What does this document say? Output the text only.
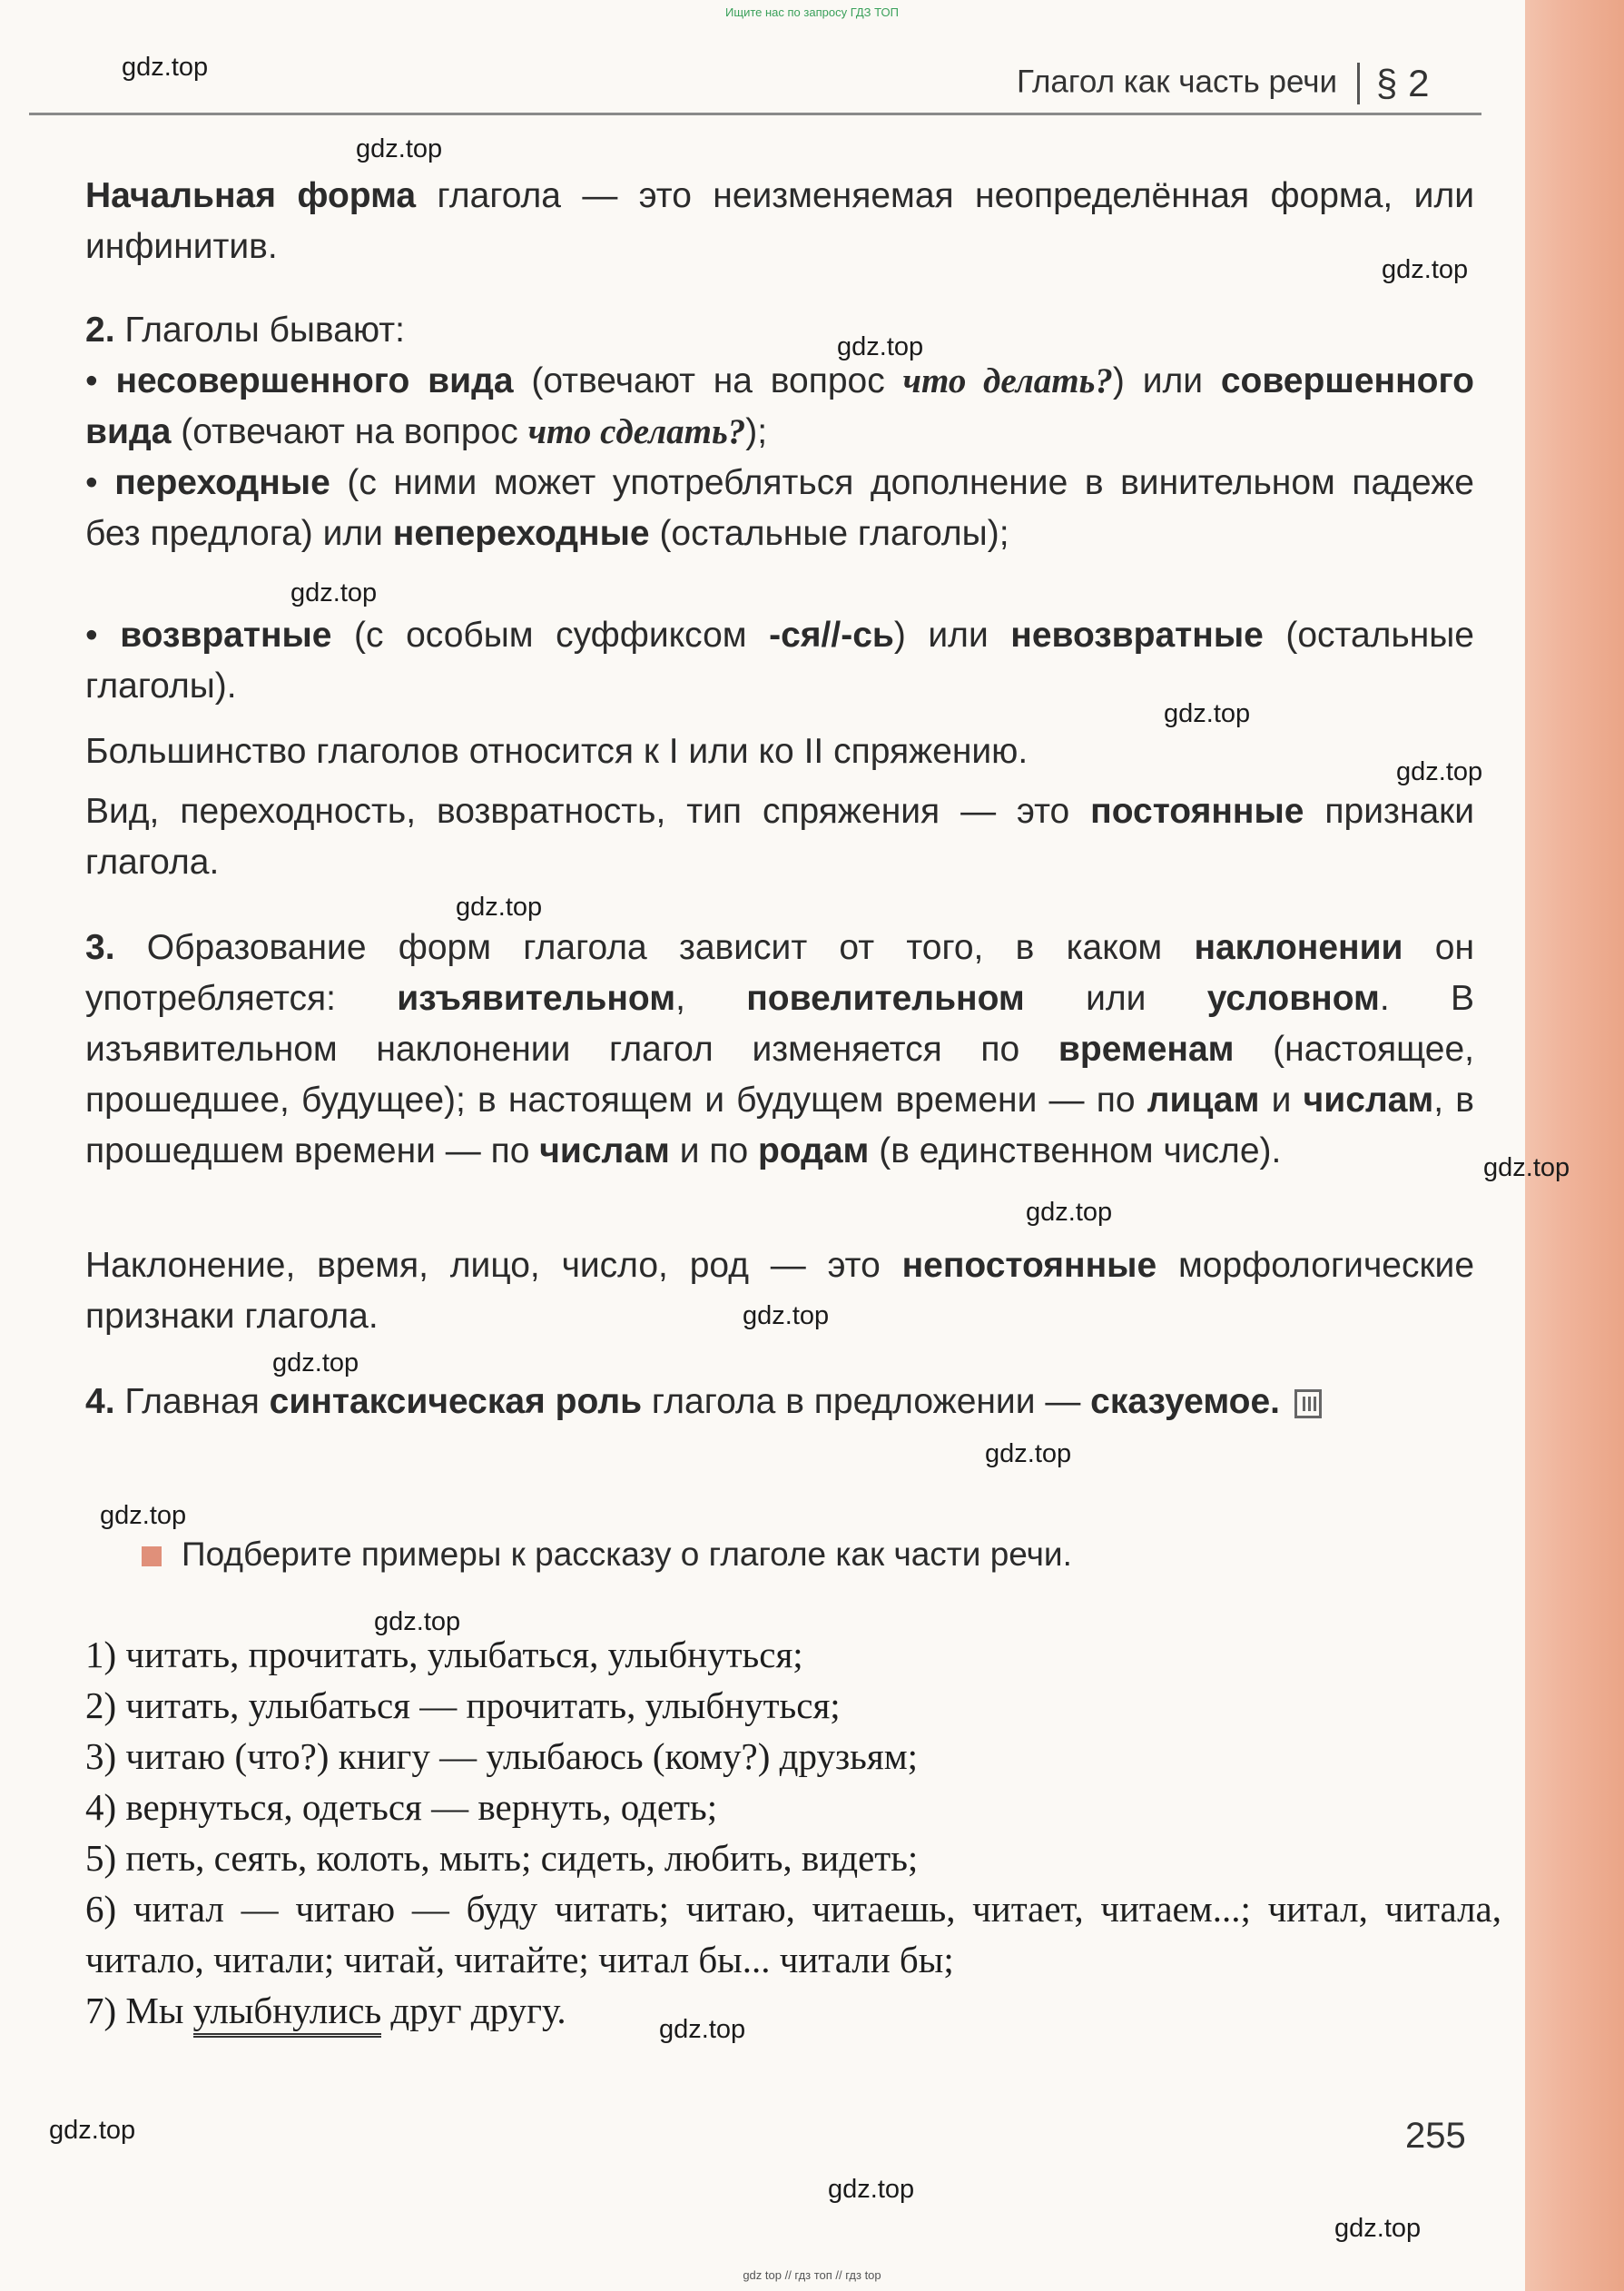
Ищите нас по запросу ГДЗ ТОП
Глагол как часть речи § 2

Начальная форма глагола — это неизменяемая неопределённая форма, или инфинитив.

2. Глаголы бывают:

• несовершенного вида (отвечают на вопрос что делать?) или совершенного вида (отвечают на вопрос что сделать?);

• переходные (с ними может употребляться дополнение в винительном падеже без предлога) или непереходные (остальные глаголы);

• возвратные (с особым суффиксом -ся//-сь) или невозвратные (остальные глаголы).

Большинство глаголов относится к I или ко II спряжению.

Вид, переходность, возвратность, тип спряжения — это постоянные признаки глагола.

3. Образование форм глагола зависит от того, в каком наклонении он употребляется: изъявительном, повелительном или условном. В изъявительном наклонении глагол изменяется по временам (настоящее, прошедшее, будущее); в настоящем и будущем времени — по лицам и числам, в прошедшем времени — по числам и по родам (в единственном числе).

Наклонение, время, лицо, число, род — это непостоянные морфологические признаки глагола.

4. Главная синтаксическая роль глагола в предложении — сказуемое.

Подберите примеры к рассказу о глаголе как части речи.

1) читать, прочитать, улыбаться, улыбнуться;

2) читать, улыбаться — прочитать, улыбнуться;

3) читаю (что?) книгу — улыбаюсь (кому?) друзьям;

4) вернуться, одеться — вернуть, одеть;

5) петь, сеять, колоть, мыть; сидеть, любить, видеть;

6) читал — читаю — буду читать; читаю, читаешь, читает, читаем...; читал, читала, читало, читали; читай, читайте; читал бы... читали бы;

7) Мы улыбнулись друг другу.

255
gdz.top
gdz.top
gdz.top
gdz.top
gdz.top
gdz.top
gdz.top
gdz.top
gdz.top
gdz.top
gdz.top
gdz.top
gdz.top
gdz.top
gdz.top
gdz.top
gdz.top
gdz.top
gdz.top
gdz top // гдз топ // гдз top
